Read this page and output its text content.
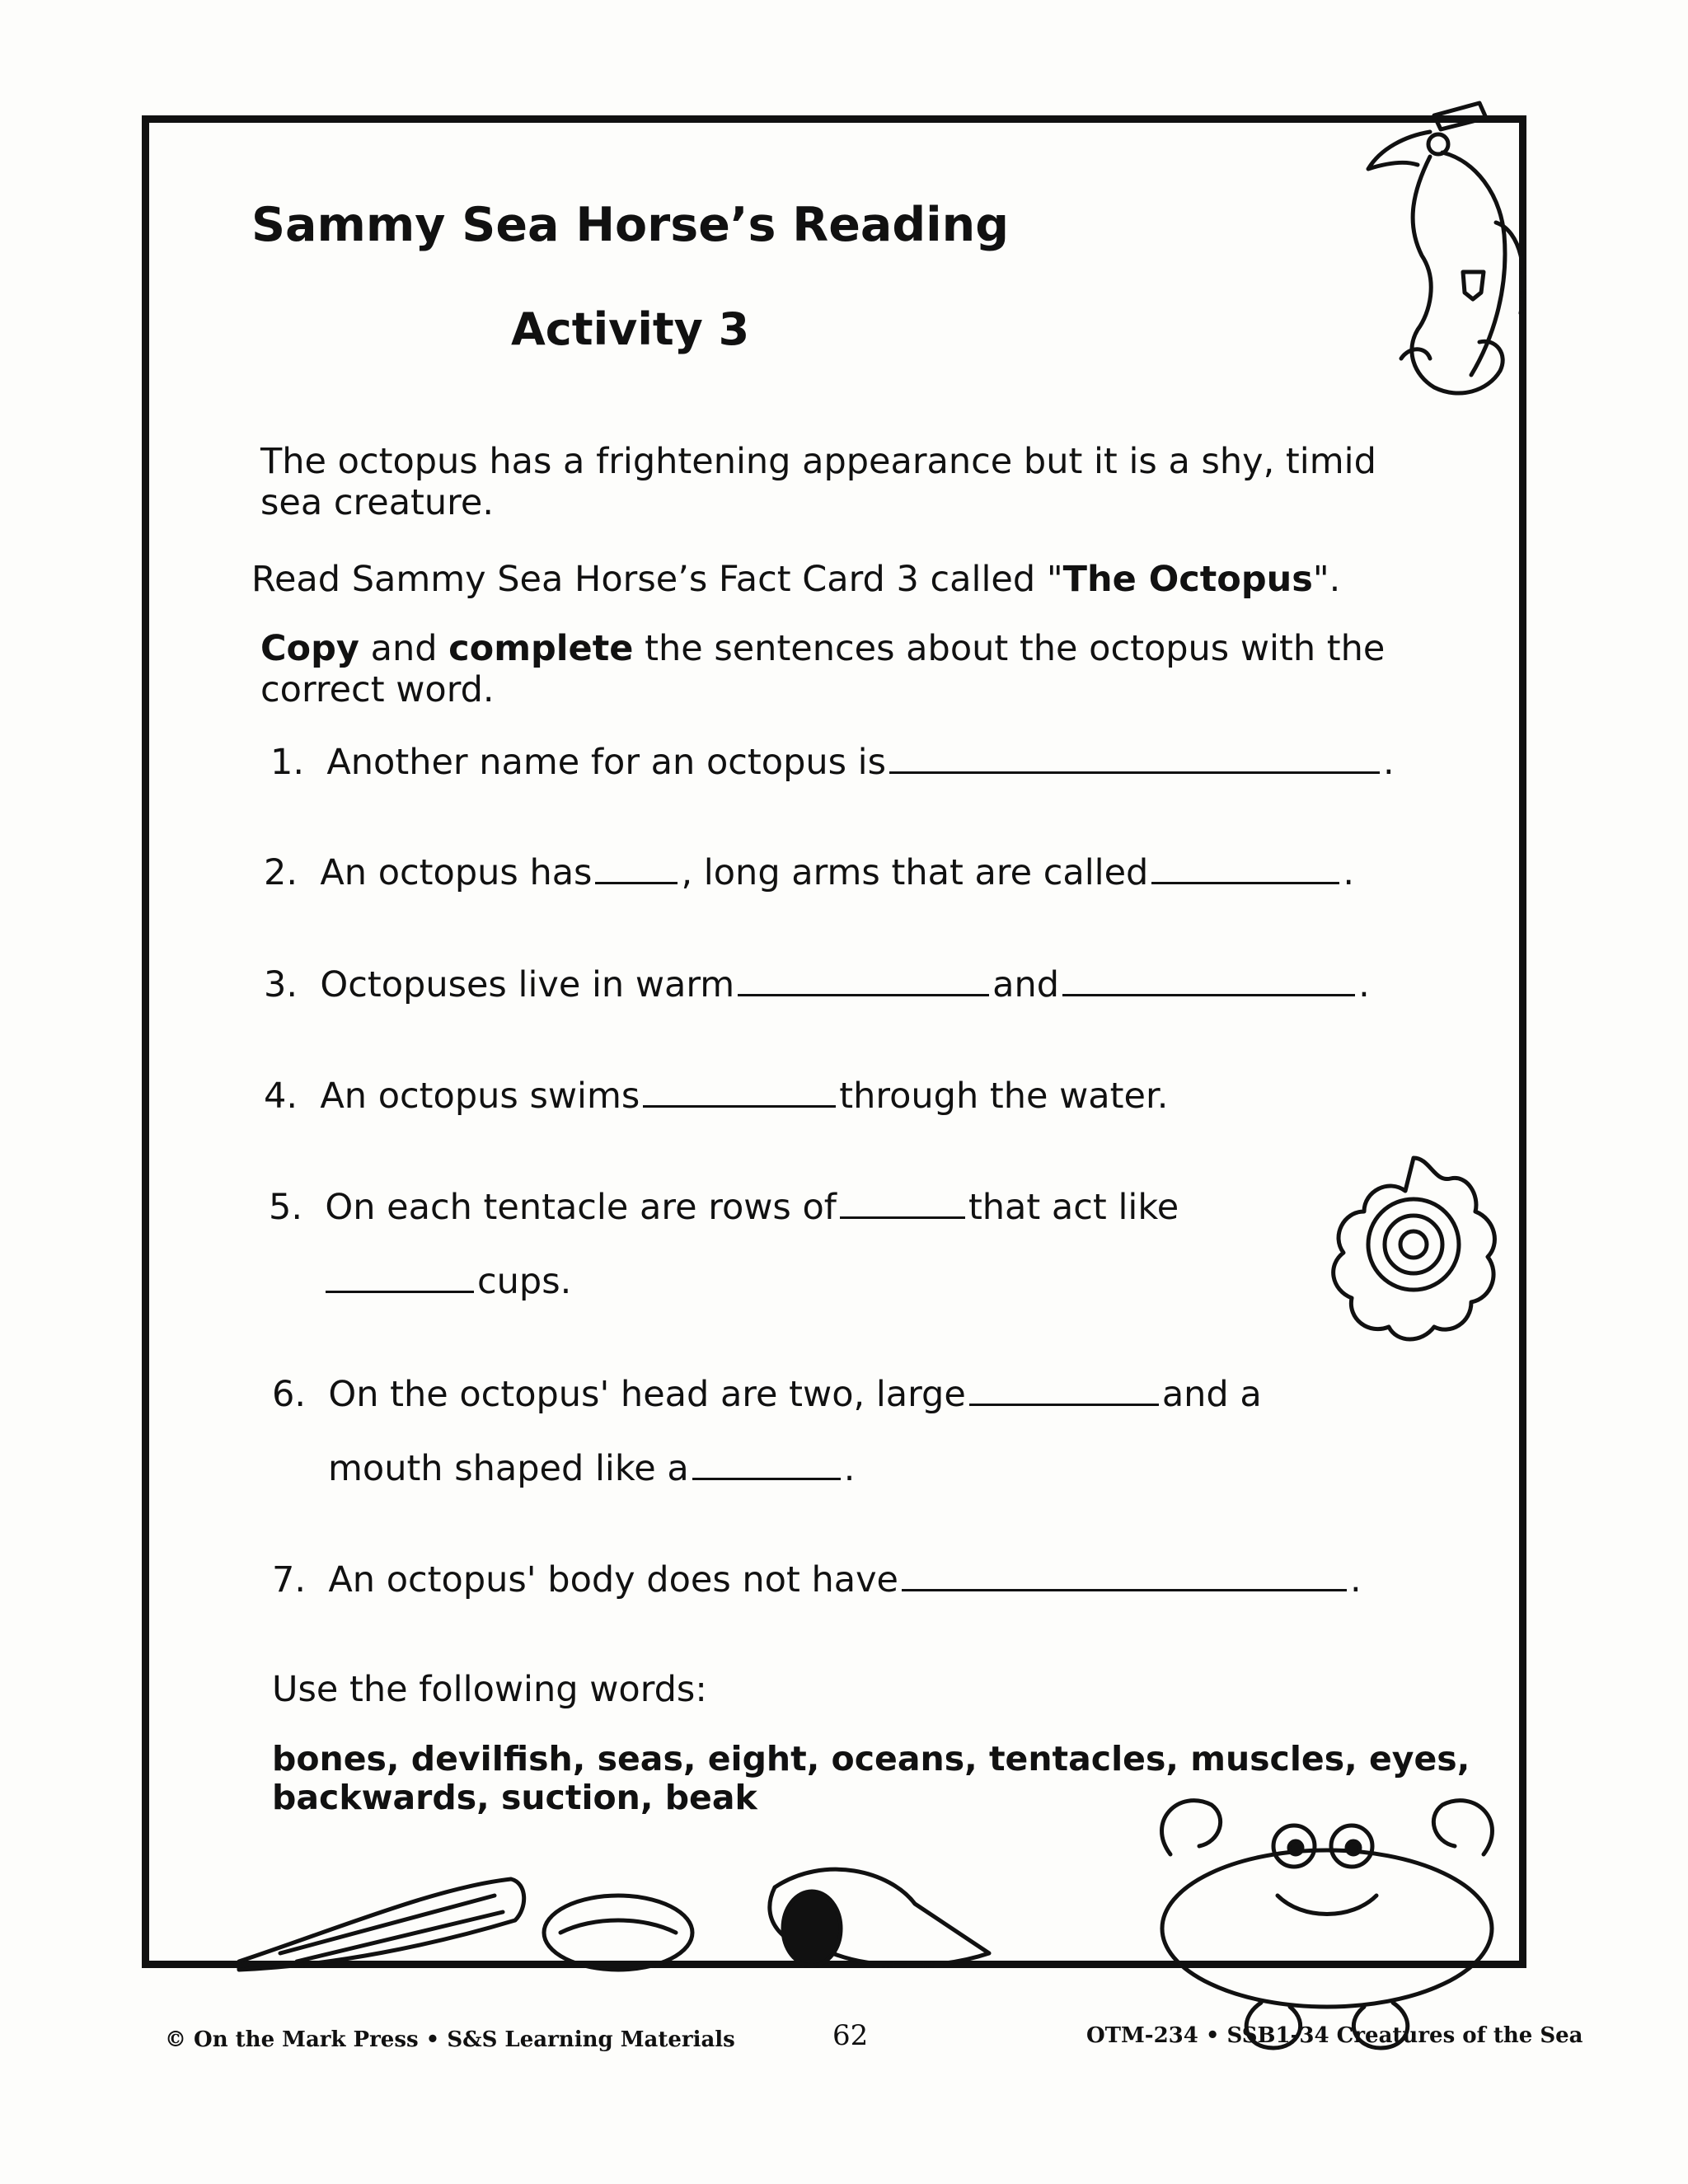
Sammy Sea Horse’s Reading
Activity 3
The octopus has a frightening appearance but it is a shy, timid
sea creature.
Read Sammy Sea Horse’s Fact Card 3 called "The Octopus".
Copy and complete the sentences about the octopus with the
correct word.
1. Another name for an octopus is	.
2. An octopus has	, long arms that are called	.
3. Octopuses live in warm	and	.
4. An octopus swims	through the water.
5. On each tentacle are rows of	that act like
cups.
6. On the octopus' head are two, large	and a
mouth shaped like a	.
7. An octopus' body does not have	.
Use the following words:
bones, devilfish, seas, eight, oceans, tentacles, muscles, eyes,
backwards, suction, beak
© On the Mark Press • S&S Learning Materials	62	OTM-234 • SSB1-34 Creatures of the Sea
